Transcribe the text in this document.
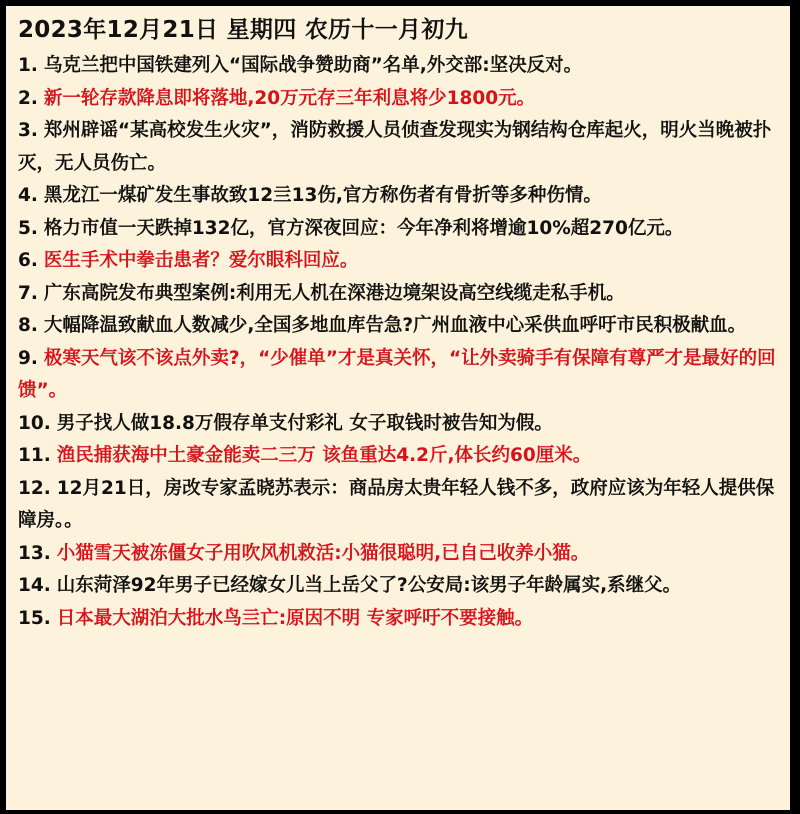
2023年12月21日 星期四 农历十一月初九
1. 乌克兰把中国铁建列入“国际战争赞助商”名单,外交部:坚决反对。
2. 新一轮存款降息即将落地,20万元存三年利息将少1800元。
3. 郑州辟谣“某高校发生火灾”，消防救援人员侦查发现实为钢结构仓库起火，明火当晚被扑灭，无人员伤亡。
4. 黑龙江一煤矿发生事故致12亖13伤,官方称伤者有骨折等多种伤情。
5. 格力市值一天跌掉132亿，官方深夜回应：今年净利将增逾10%超270亿元。
6. 医生手术中拳击患者？爱尔眼科回应。
7. 广东高院发布典型案例:利用无人机在深港边境架设高空线缆走私手机。
8. 大幅降温致献血人数减少,全国多地血库告急?广州血液中心采供血呼吁市民积极献血。
9. 极寒天气该不该点外卖?，“少催单”才是真关怀，“让外卖骑手有保障有尊严才是最好的回馈”。
10. 男子找人做18.8万假存单支付彩礼 女子取钱时被告知为假。
11. 渔民捕获海中土豪金能卖二三万 该鱼重达4.2斤,体长约60厘米。
12. 12月21日，房改专家孟晓苏表示：商品房太贵年轻人钱不多，政府应该为年轻人提供保障房。。
13. 小猫雪天被冻僵女子用吹风机救活:小猫很聪明,已自己收养小猫。
14. 山东菏泽92年男子已经嫁女儿当上岳父了?公安局:该男子年龄属实,系继父。
15. 日本最大湖泊大批水鸟亖亡:原因不明 专家呼吁不要接触。
